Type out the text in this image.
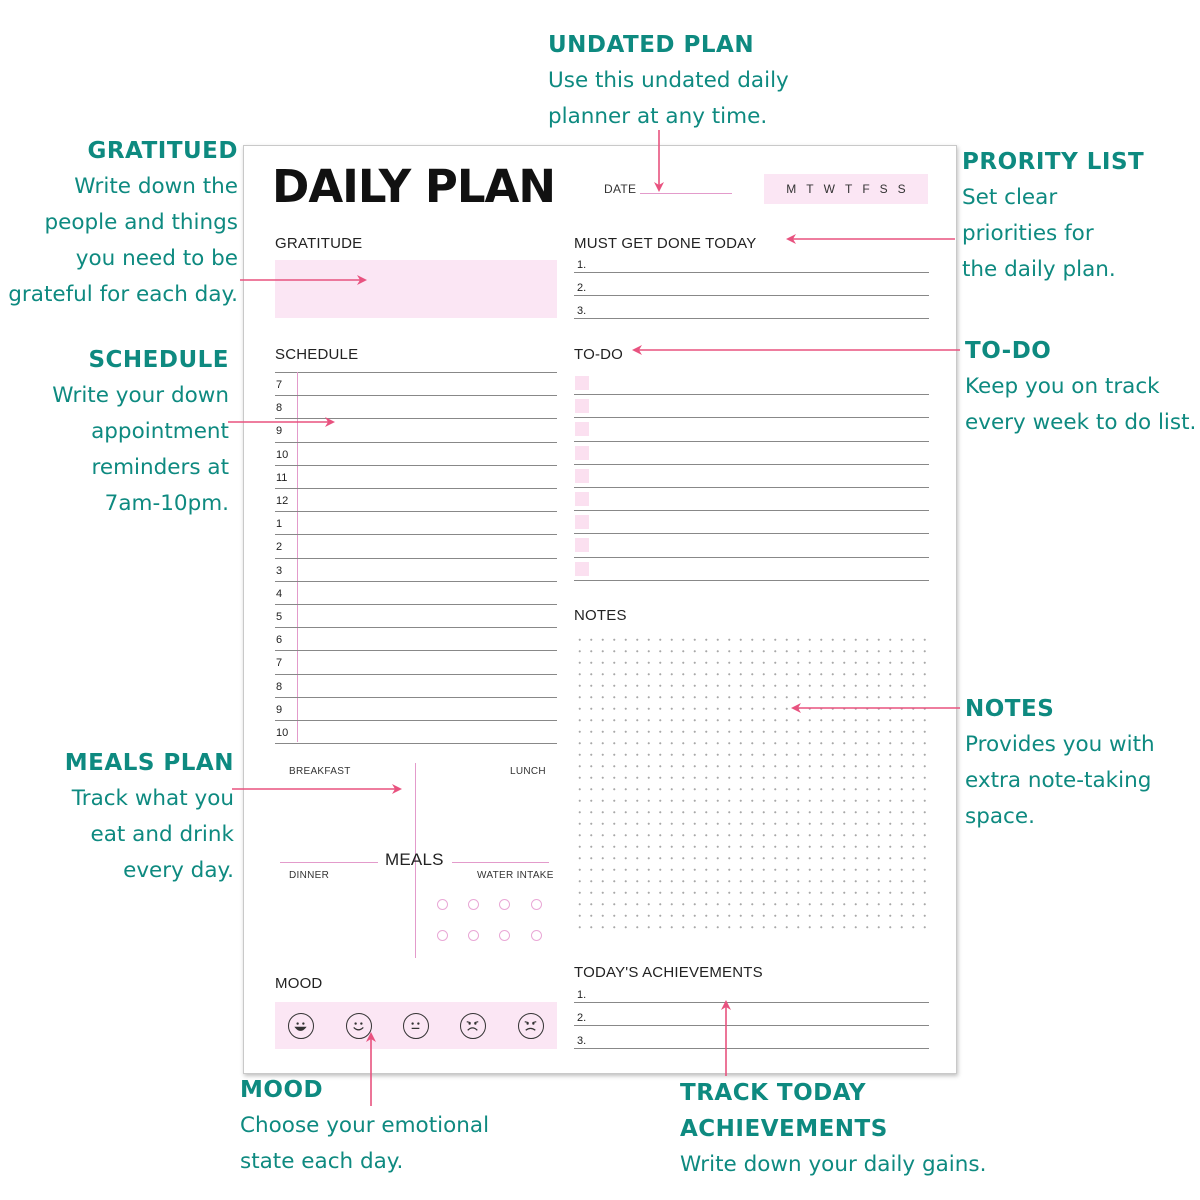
UNDATED PLAN
Use this undated daily
planner at any time.
GRATITUED
Write down the
people and things
you need to be
grateful for each day.
PRORITY LIST
Set clear
priorities for
the daily plan.
SCHEDULE
Write your down
appointment
reminders at
7am-10pm.
TO-DO
Keep you on track
every week to do list.
NOTES
Provides you with
extra note-taking
space.
MEALS PLAN
Track what you
eat and drink
every day.
MOOD
Choose your emotional
state each day.
TRACK TODAY
ACHIEVEMENTS
Write down your daily gains.
DAILY PLAN	DATE	M T W T F S S
GRATITUDE	MUST GET DONE TODAY
1.
2.
3.
SCHEDULE
7
8
9
10
11
12
1
2
3
4
5
6
7
8
9
10
TO-DO
NOTES
MEALS
BREAKFAST	LUNCH
DINNER	WATER INTAKE
MOOD
TODAY'S ACHIEVEMENTS
1.
2.
3.
